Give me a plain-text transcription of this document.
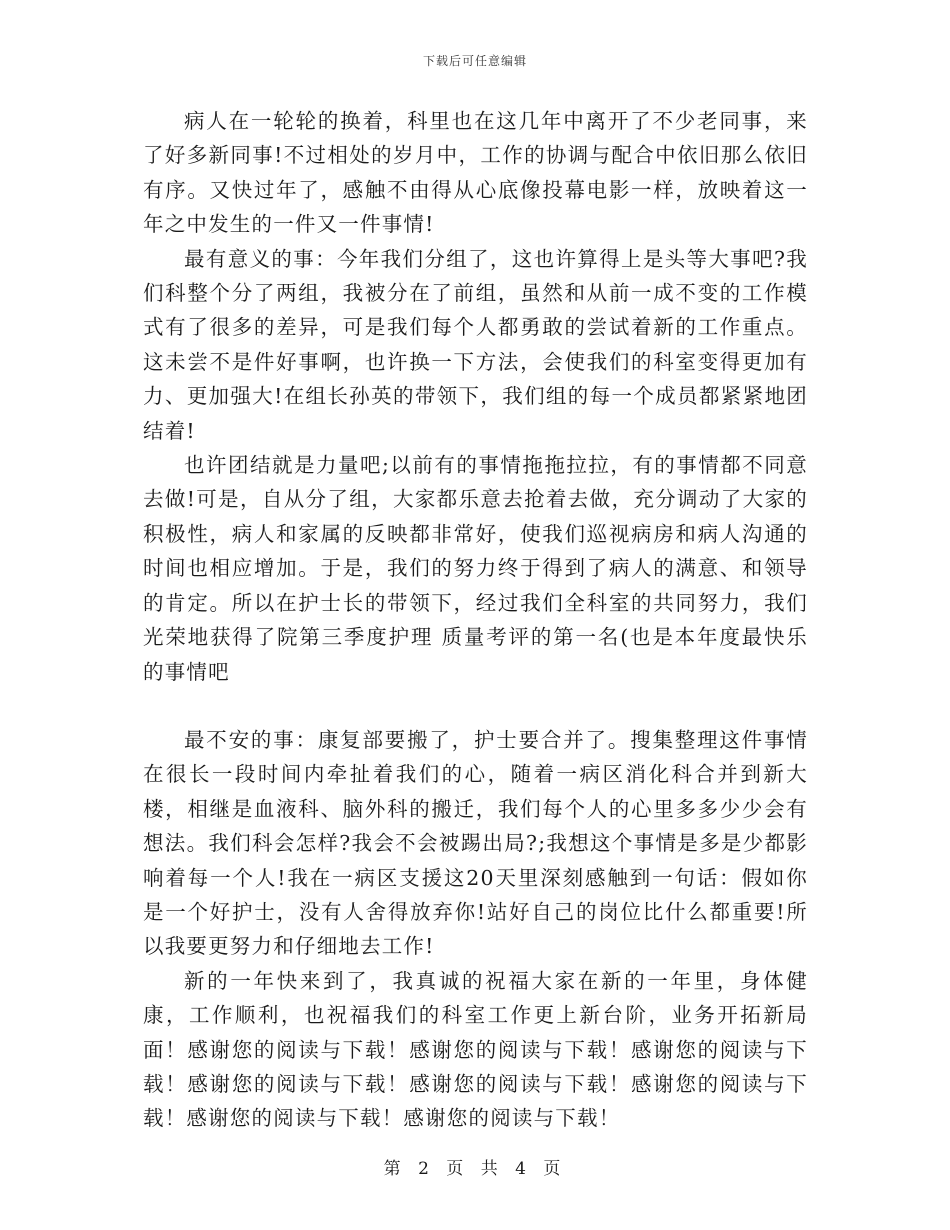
下载后可任意编辑

病人在一轮轮的换着，科里也在这几年中离开了不少老同事，来了好多新同事!不过相处的岁月中，工作的协调与配合中依旧那么依旧有序。又快过年了，感触不由得从心底像投幕电影一样，放映着这一年之中发生的一件又一件事情!

最有意义的事：今年我们分组了，这也许算得上是头等大事吧?我们科整个分了两组，我被分在了前组，虽然和从前一成不变的工作模式有了很多的差异，可是我们每个人都勇敢的尝试着新的工作重点。这未尝不是件好事啊，也许换一下方法，会使我们的科室变得更加有力、更加强大!在组长孙英的带领下，我们组的每一个成员都紧紧地团结着!

也许团结就是力量吧;以前有的事情拖拖拉拉，有的事情都不同意去做!可是，自从分了组，大家都乐意去抢着去做，充分调动了大家的积极性，病人和家属的反映都非常好，使我们巡视病房和病人沟通的时间也相应增加。于是，我们的努力终于得到了病人的满意、和领导的肯定。所以在护士长的带领下，经过我们全科室的共同努力，我们光荣地获得了院第三季度护理 质量考评的第一名(也是本年度最快乐的事情吧

最不安的事：康复部要搬了，护士要合并了。搜集整理这件事情在很长一段时间内牵扯着我们的心，随着一病区消化科合并到新大楼，相继是血液科、脑外科的搬迁，我们每个人的心里多多少少会有想法。我们科会怎样?我会不会被踢出局?;我想这个事情是多是少都影响着每一个人!我在一病区支援这20天里深刻感触到一句话：假如你是一个好护士，没有人舍得放弃你!站好自己的岗位比什么都重要!所以我要更努力和仔细地去工作!

新的一年快来到了，我真诚的祝福大家在新的一年里，身体健康，工作顺利，也祝福我们的科室工作更上新台阶，业务开拓新局面！感谢您的阅读与下载！感谢您的阅读与下载！感谢您的阅读与下载！感谢您的阅读与下载！感谢您的阅读与下载！感谢您的阅读与下载！感谢您的阅读与下载！感谢您的阅读与下载！

第 2 页 共 4 页
